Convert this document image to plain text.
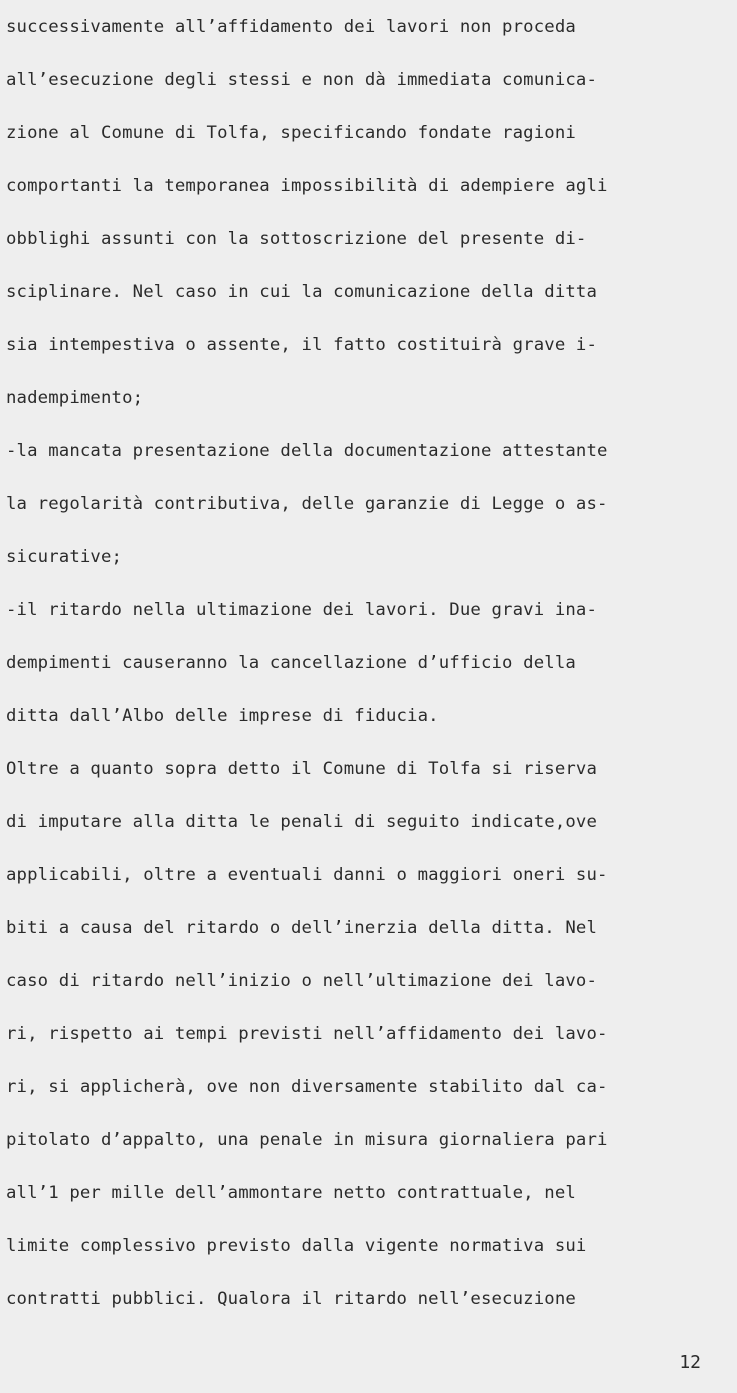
successivamente all’affidamento dei lavori non proceda
all’esecuzione degli stessi e non dà immediata comunica-
zione al Comune di Tolfa, specificando fondate ragioni
comportanti la temporanea impossibilità di adempiere agli
obblighi assunti con la sottoscrizione del presente di-
sciplinare. Nel caso in cui la comunicazione della ditta
sia intempestiva o assente, il fatto costituirà grave i-
nadempimento;
-la mancata presentazione della documentazione attestante
la regolarità contributiva, delle garanzie di Legge o as-
sicurative;
-il ritardo nella ultimazione dei lavori. Due gravi ina-
dempimenti causeranno la cancellazione d’ufficio della
ditta dall’Albo delle imprese di fiducia.
Oltre a quanto sopra detto il Comune di Tolfa si riserva
di imputare alla ditta le penali di seguito indicate,ove
applicabili, oltre a eventuali danni o maggiori oneri su-
biti a causa del ritardo o dell’inerzia della ditta. Nel
caso di ritardo nell’inizio o nell’ultimazione dei lavo-
ri, rispetto ai tempi previsti nell’affidamento dei lavo-
ri, si applicherà, ove non diversamente stabilito dal ca-
pitolato d’appalto, una penale in misura giornaliera pari
all’1 per mille dell’ammontare netto contrattuale, nel
limite complessivo previsto dalla vigente normativa sui
contratti pubblici. Qualora il ritardo nell’esecuzione
12
